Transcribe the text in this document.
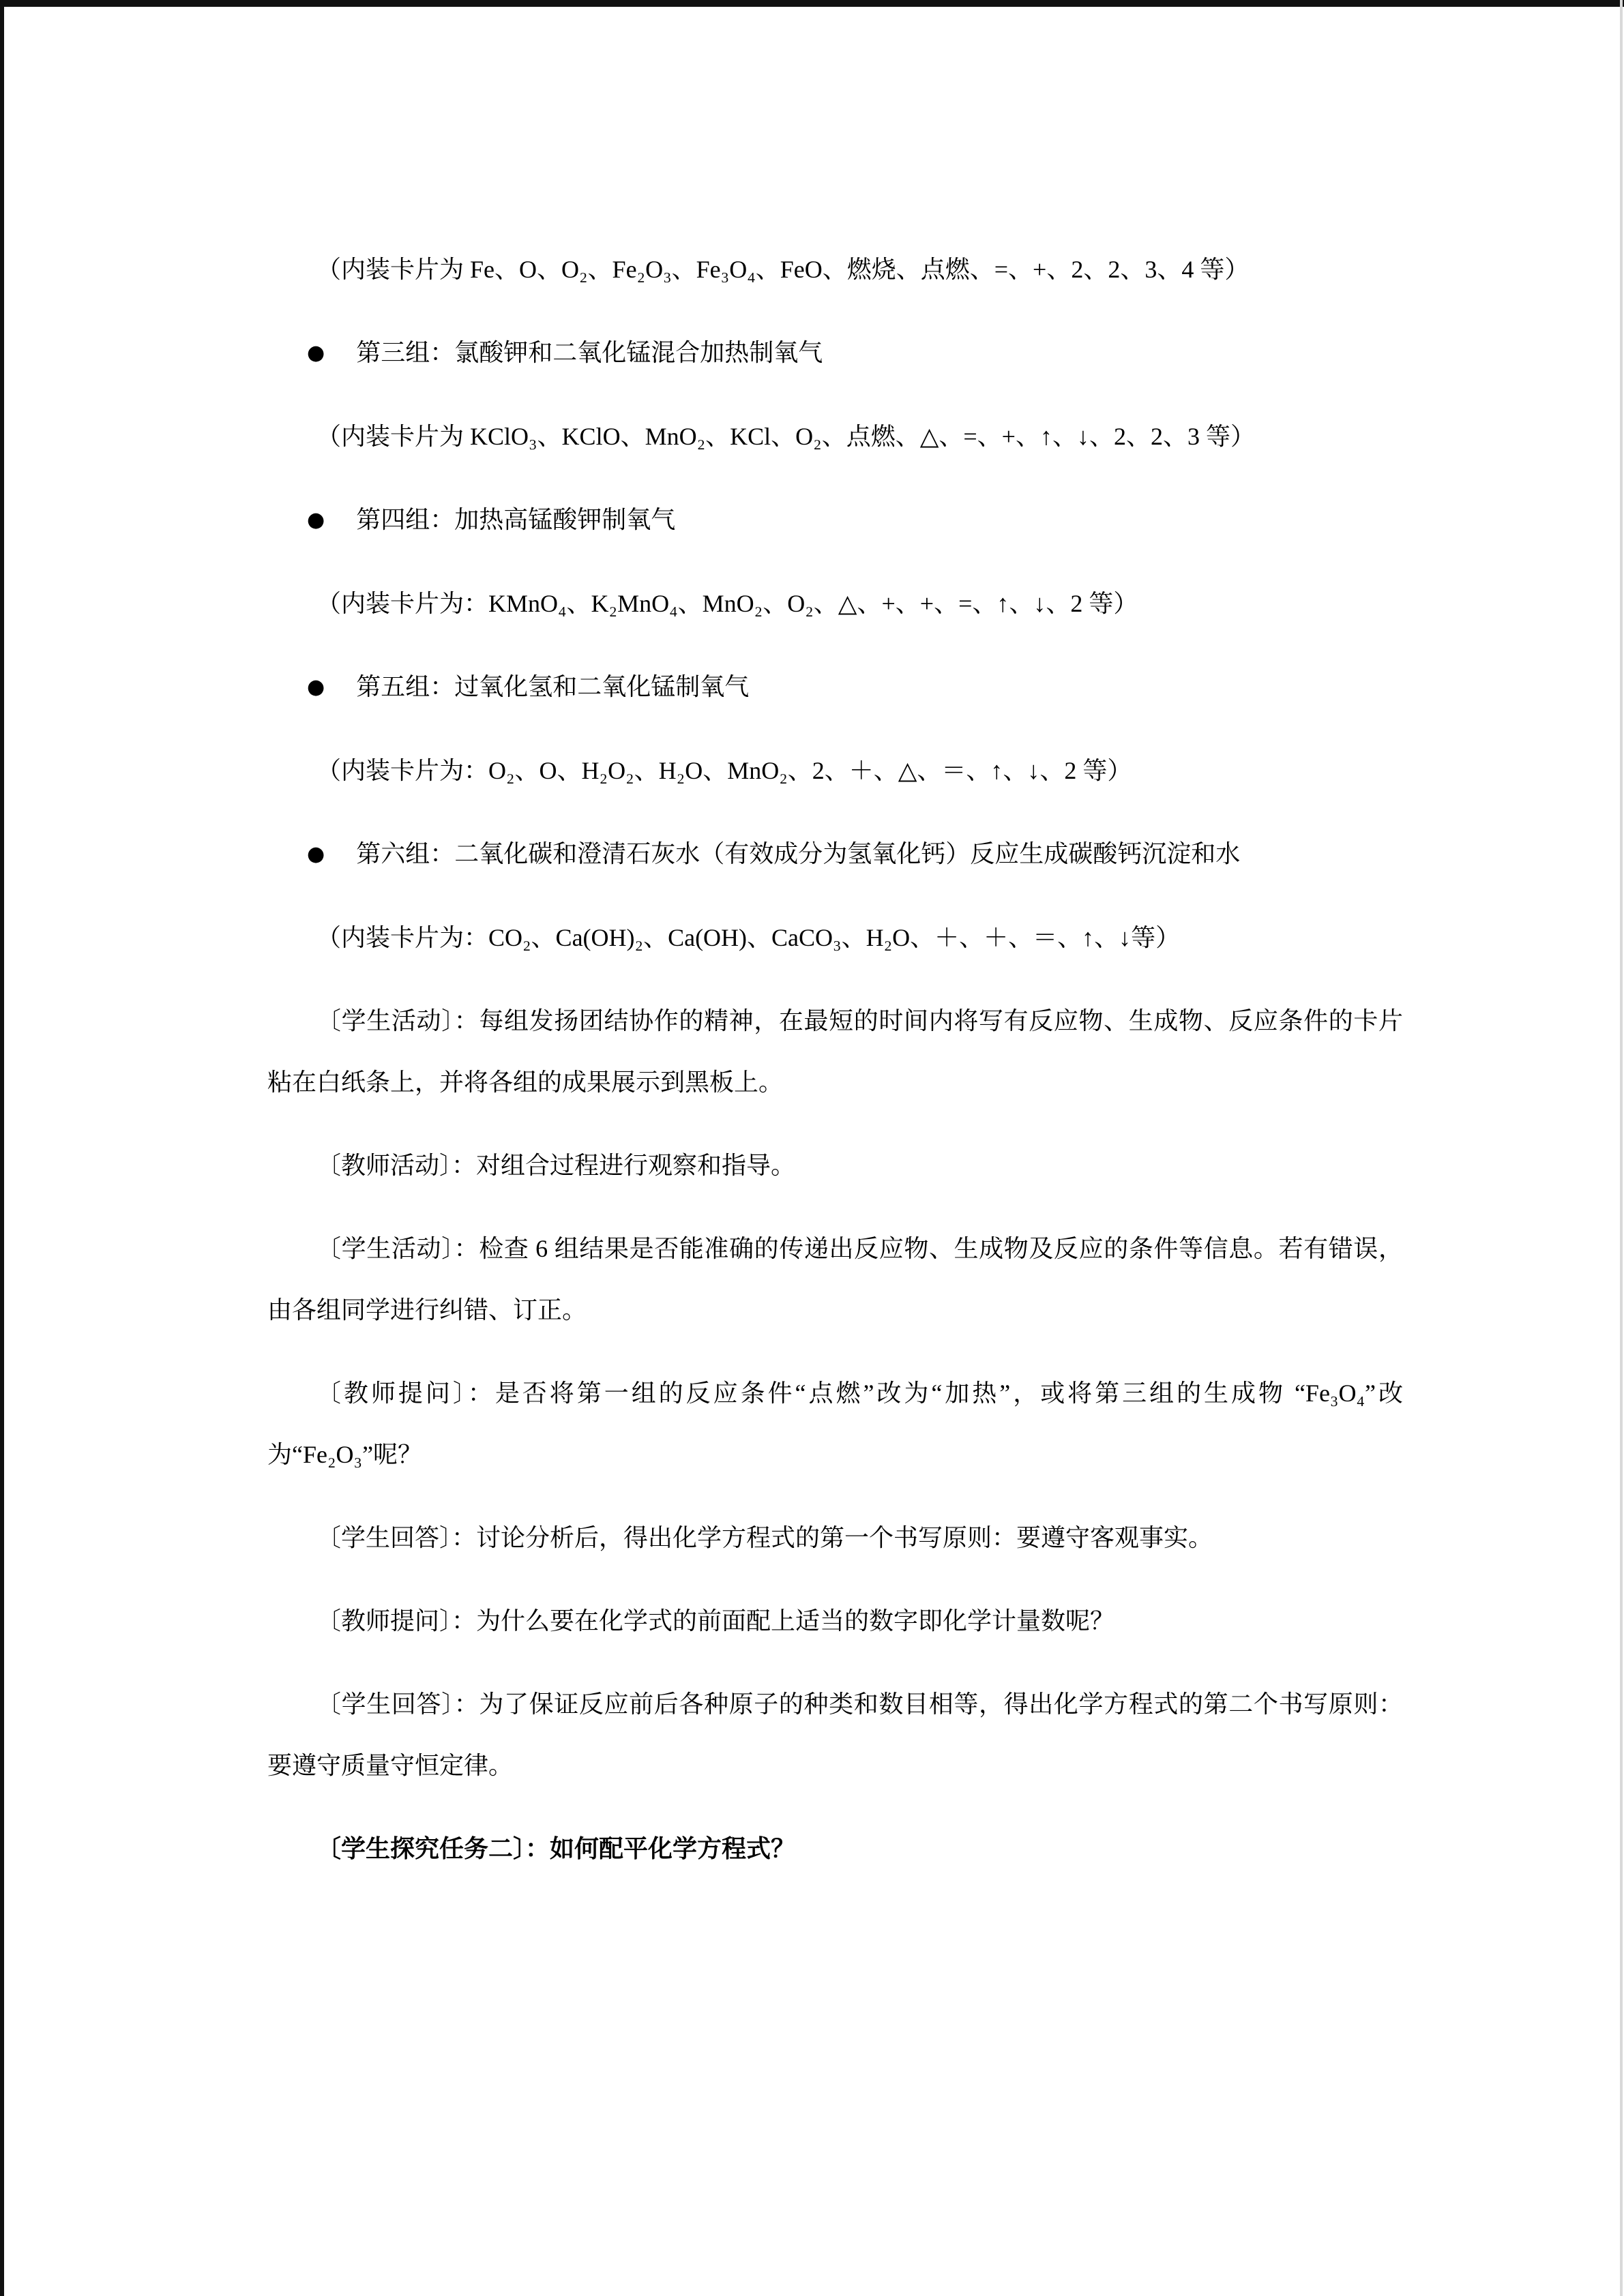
（内装卡片为 Fe、O、O₂、Fe₂O₃、Fe₃O₄、FeO、燃烧、点燃、=、+、2、2、3、4 等）

● 第三组：氯酸钾和二氧化锰混合加热制氧气

（内装卡片为 KClO₃、KClO、MnO₂、KCl、O₂、点燃、△、=、+、↑、↓、2、2、3 等）

● 第四组：加热高锰酸钾制氧气

（内装卡片为：KMnO₄、K₂MnO₄、MnO₂、O₂、△、+、+、=、↑、↓、2 等）

● 第五组：过氧化氢和二氧化锰制氧气

（内装卡片为：O₂、O、H₂O₂、H₂O、MnO₂、2、＋、△、＝、↑、↓、2 等）

● 第六组：二氧化碳和澄清石灰水（有效成分为氢氧化钙）反应生成碳酸钙沉淀和水

（内装卡片为：CO₂、Ca(OH)₂、Ca(OH)、CaCO₃、H₂O、＋、＋、＝、↑、↓等）

〔学生活动〕：每组发扬团结协作的精神，在最短的时间内将写有反应物、生成物、反应条件的卡片粘在白纸条上，并将各组的成果展示到黑板上。

〔教师活动〕：对组合过程进行观察和指导。

〔学生活动〕：检查 6 组结果是否能准确的传递出反应物、生成物及反应的条件等信息。若有错误，由各组同学进行纠错、订正。

〔教师提问〕：是否将第一组的反应条件“点燃”改为“加热”，或将第三组的生成物 “Fe₃O₄”改为“Fe₂O₃”呢？

〔学生回答〕：讨论分析后，得出化学方程式的第一个书写原则：要遵守客观事实。

〔教师提问〕：为什么要在化学式的前面配上适当的数字即化学计量数呢？

〔学生回答〕：为了保证反应前后各种原子的种类和数目相等，得出化学方程式的第二个书写原则：要遵守质量守恒定律。

〔学生探究任务二〕：如何配平化学方程式？
